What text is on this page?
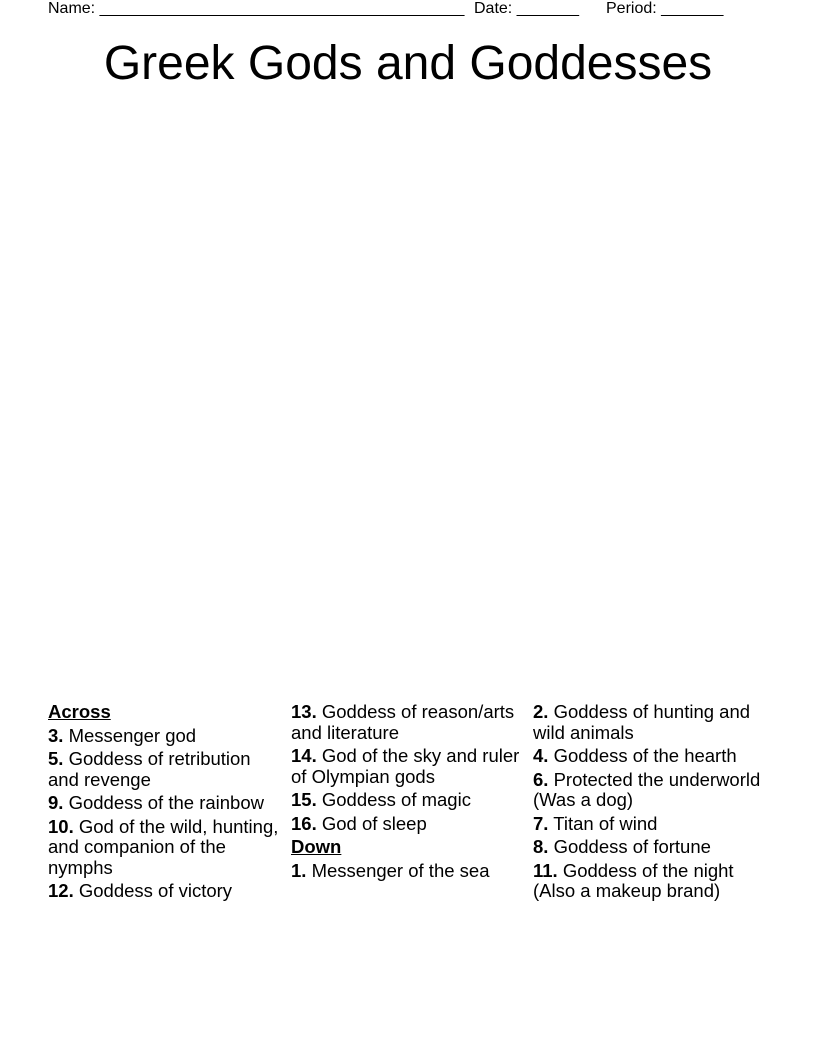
Name: _________________________________________ Date: _______ Period: _______
Greek Gods and Goddesses
Across
3. Messenger god
5. Goddess of retribution and revenge
9. Goddess of the rainbow
10. God of the wild, hunting, and companion of the nymphs
12. Goddess of victory
13. Goddess of reason/arts and literature
14. God of the sky and ruler of Olympian gods
15. Goddess of magic
16. God of sleep
Down
1. Messenger of the sea
2. Goddess of hunting and wild animals
4. Goddess of the hearth
6. Protected the underworld (Was a dog)
7. Titan of wind
8. Goddess of fortune
11. Goddess of the night (Also a makeup brand)
